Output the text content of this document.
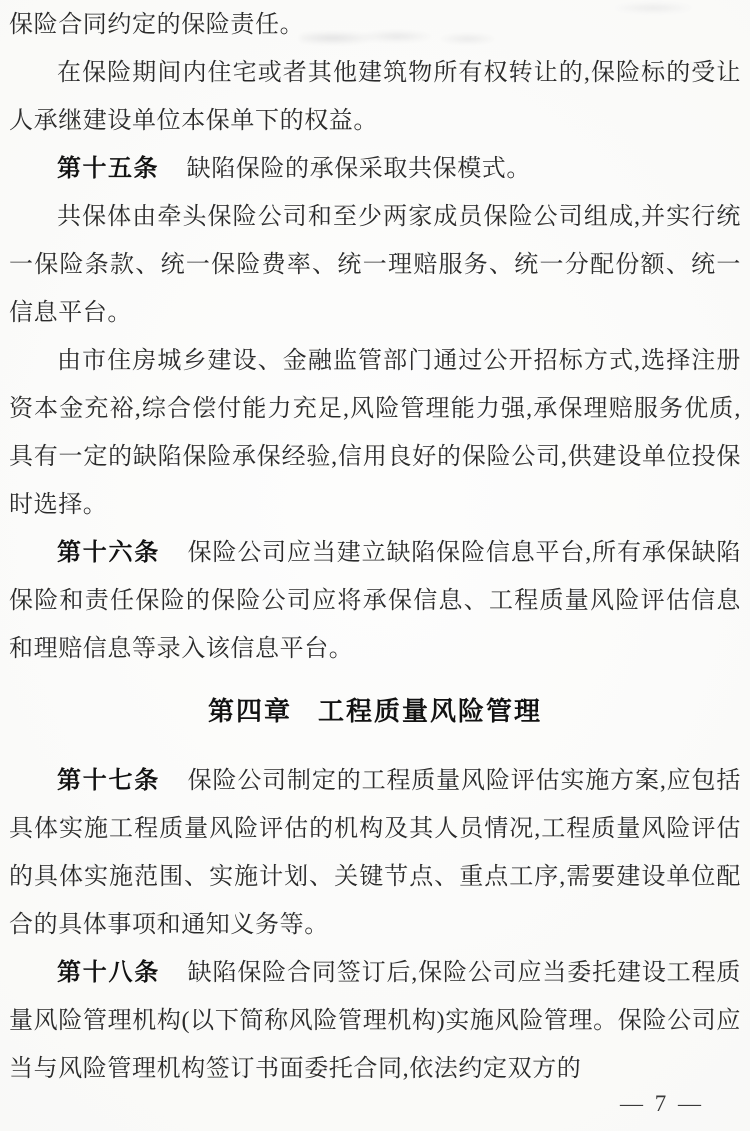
保险合同约定的保险责任。

在保险期间内住宅或者其他建筑物所有权转让的,保险标的受让人承继建设单位本保单下的权益。

第十五条 缺陷保险的承保采取共保模式。

共保体由牵头保险公司和至少两家成员保险公司组成,并实行统一保险条款、统一保险费率、统一理赔服务、统一分配份额、统一信息平台。

由市住房城乡建设、金融监管部门通过公开招标方式,选择注册资本金充裕,综合偿付能力充足,风险管理能力强,承保理赔服务优质,具有一定的缺陷保险承保经验,信用良好的保险公司,供建设单位投保时选择。

第十六条 保险公司应当建立缺陷保险信息平台,所有承保缺陷保险和责任保险的保险公司应将承保信息、工程质量风险评估信息和理赔信息等录入该信息平台。

第四章 工程质量风险管理

第十七条 保险公司制定的工程质量风险评估实施方案,应包括具体实施工程质量风险评估的机构及其人员情况,工程质量风险评估的具体实施范围、实施计划、关键节点、重点工序,需要建设单位配合的具体事项和通知义务等。

第十八条 缺陷保险合同签订后,保险公司应当委托建设工程质量风险管理机构(以下简称风险管理机构)实施风险管理。保险公司应当与风险管理机构签订书面委托合同,依法约定双方的

— 7 —
